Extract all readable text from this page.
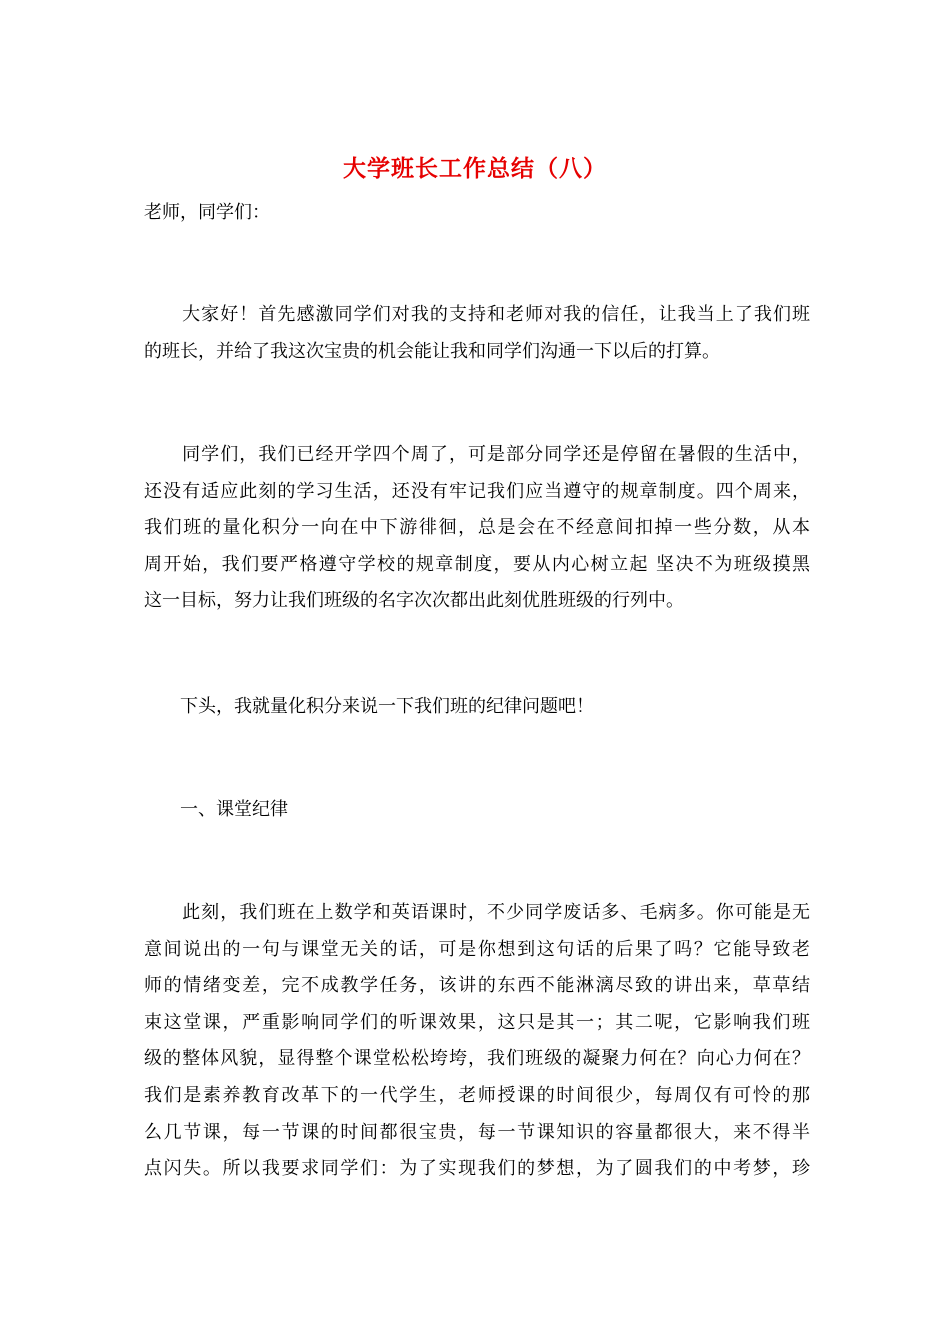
大学班长工作总结（八）

老师，同学们：

　　大家好！首先感激同学们对我的支持和老师对我的信任，让我当上了我们班
的班长，并给了我这次宝贵的机会能让我和同学们沟通一下以后的打算。
　　同学们，我们已经开学四个周了，可是部分同学还是停留在暑假的生活中，
还没有适应此刻的学习生活，还没有牢记我们应当遵守的规章制度。四个周来，
我们班的量化积分一向在中下游徘徊，总是会在不经意间扣掉一些分数，从本
周开始，我们要严格遵守学校的规章制度，要从内心树立起 坚决不为班级摸黑
这一目标，努力让我们班级的名字次次都出此刻优胜班级的行列中。
　　下头，我就量化积分来说一下我们班的纪律问题吧！
　　一、课堂纪律
　　此刻，我们班在上数学和英语课时，不少同学废话多、毛病多。你可能是无
意间说出的一句与课堂无关的话，可是你想到这句话的后果了吗？它能导致老
师的情绪变差，完不成教学任务，该讲的东西不能淋漓尽致的讲出来，草草结
束这堂课，严重影响同学们的听课效果，这只是其一；其二呢，它影响我们班
级的整体风貌，显得整个课堂松松垮垮，我们班级的凝聚力何在？向心力何在？
我们是素养教育改革下的一代学生，老师授课的时间很少，每周仅有可怜的那
么几节课，每一节课的时间都很宝贵，每一节课知识的容量都很大，来不得半
点闪失。所以我要求同学们：为了实现我们的梦想，为了圆我们的中考梦，珍
